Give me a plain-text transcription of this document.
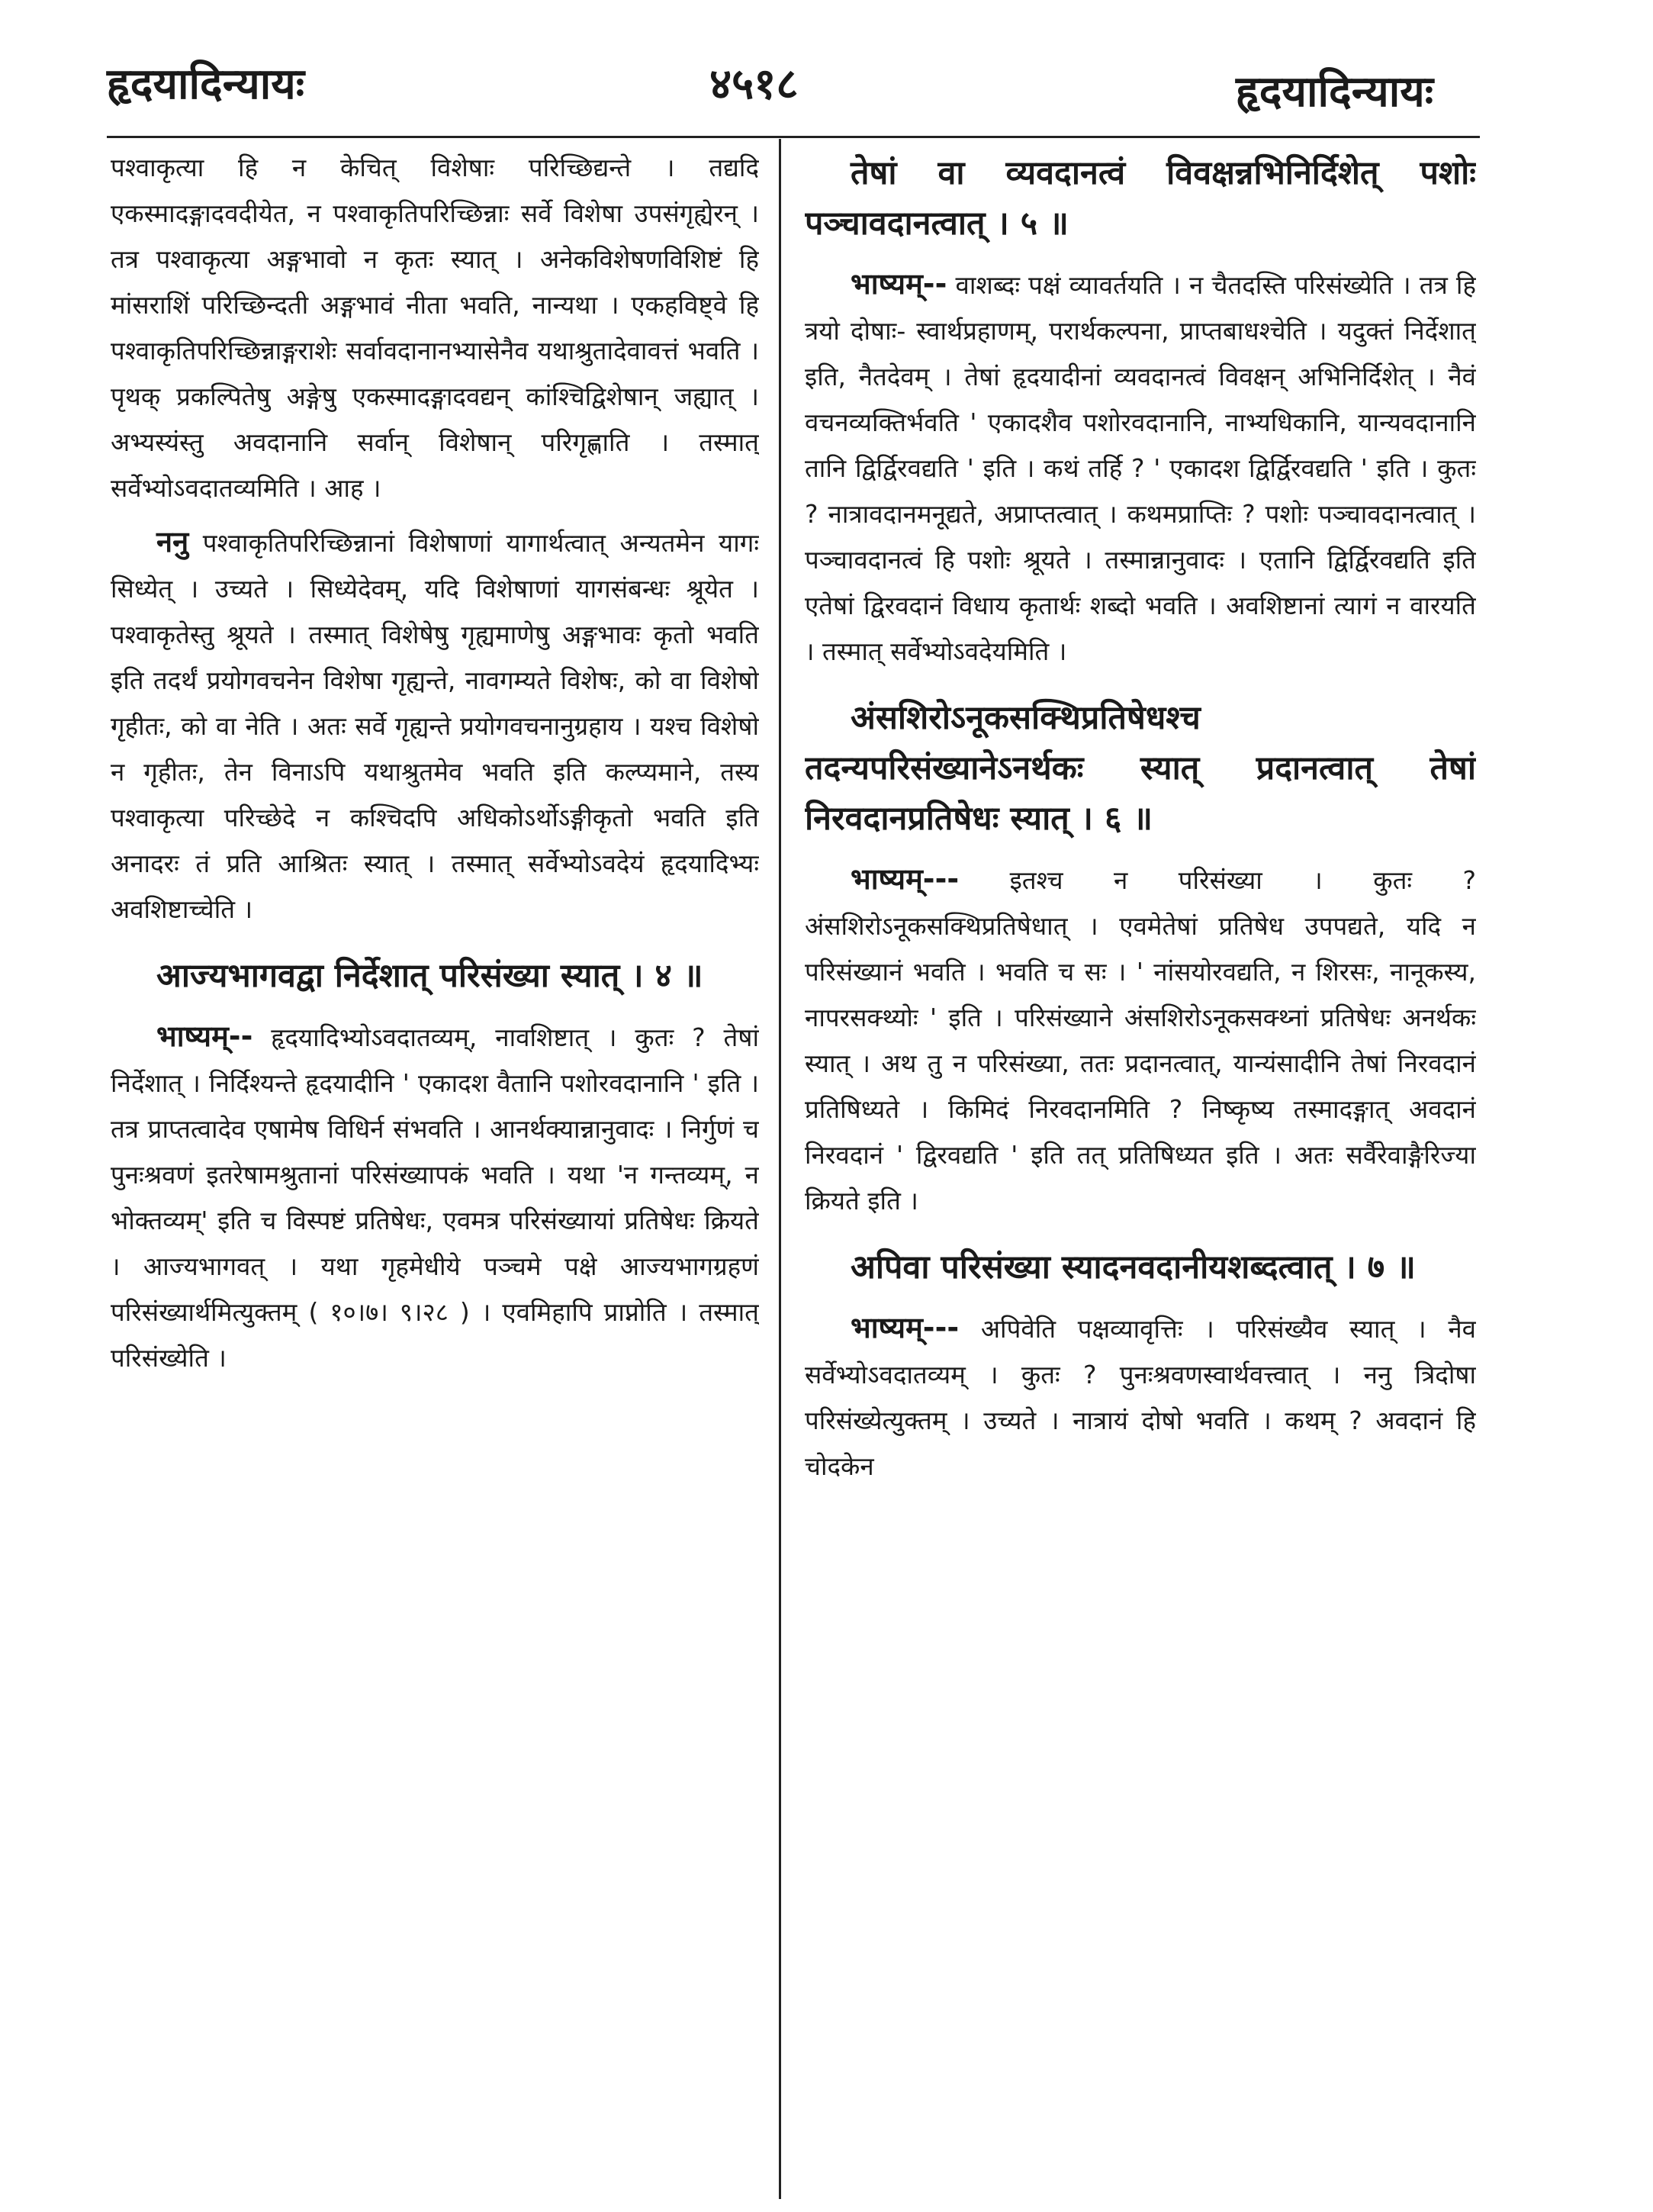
हृदयादिन्यायः	४५१८	हृदयादिन्यायः

पश्वाकृत्या हि न केचित् विशेषाः परिच्छिद्यन्ते । तद्यदि एकस्मादङ्गादवदीयेत, न पश्वाकृतिपरिच्छिन्नाः सर्वे विशेषा उपसंगृह्येरन् । तत्र पश्वाकृत्या अङ्गभावो न कृतः स्यात् । अनेकविशेषणविशिष्टं हि मांसराशिं परिच्छिन्दती अङ्गभावं नीता भवति, नान्यथा । एकहविष्ट्वे हि पश्वाकृतिपरिच्छिन्नाङ्गराशेः सर्वावदानानभ्यासेनैव यथाश्रुतादेवावत्तं भवति । पृथक् प्रकल्पितेषु अङ्गेषु एकस्मादङ्गादवद्यन् कांश्चिद्विशेषान् जह्यात् । अभ्यस्यंस्तु अवदानानि सर्वान् विशेषान् परिगृह्णाति । तस्मात् सर्वेभ्योऽवदातव्यमिति । आह ।

ननु पश्वाकृतिपरिच्छिन्नानां विशेषाणां यागार्थत्वात् अन्यतमेन यागः सिध्येत् । उच्यते । सिध्येदेवम्, यदि विशेषाणां यागसंबन्धः श्रूयेत । पश्वाकृतेस्तु श्रूयते । तस्मात् विशेषेषु गृह्यमाणेषु अङ्गभावः कृतो भवति इति तदर्थं प्रयोगवचनेन विशेषा गृह्यन्ते, नावगम्यते विशेषः, को वा विशेषो गृहीतः, को वा नेति । अतः सर्वे गृह्यन्ते प्रयोगवचनानुग्रहाय । यश्च विशेषो न गृहीतः, तेन विनाऽपि यथाश्रुतमेव भवति इति कल्प्यमाने, तस्य पश्वाकृत्या परिच्छेदे न कश्चिदपि अधिकोऽर्थोऽङ्गीकृतो भवति इति अनादरः तं प्रति आश्रितः स्यात् । तस्मात् सर्वेभ्योऽवदेयं हृदयादिभ्यः अवशिष्टाच्चेति ।

आज्यभागवद्वा निर्देशात् परिसंख्या स्यात् । ४ ॥

भाष्यम्-- हृदयादिभ्योऽवदातव्यम्, नावशिष्टात् । कुतः ? तेषां निर्देशात् । निर्दिश्यन्ते हृदयादीनि ' एकादश वैतानि पशोरवदानानि ' इति । तत्र प्राप्तत्वादेव एषामेष विधिर्न संभवति । आनर्थक्यान्नानुवादः । निर्गुणं च पुनःश्रवणं इतरेषामश्रुतानां परिसंख्यापकं भवति । यथा 'न गन्तव्यम्, न भोक्तव्यम्' इति च विस्पष्टं प्रतिषेधः, एवमत्र परिसंख्यायां प्रतिषेधः क्रियते । आज्यभागवत् । यथा गृहमेधीये पञ्चमे पक्षे आज्यभागग्रहणं परिसंख्यार्थमित्युक्तम् ( १०।७। ९।२८ ) । एवमिहापि प्राप्नोति । तस्मात् परिसंख्येति ।

तेषां वा व्यवदानत्वं विवक्षन्नभिनिर्दिशेत् पशोः पञ्चावदानत्वात् । ५ ॥

भाष्यम्-- वाशब्दः पक्षं व्यावर्तयति । न चैतदस्ति परिसंख्येति । तत्र हि त्रयो दोषाः- स्वार्थप्रहाणम्, परार्थकल्पना, प्राप्तबाधश्चेति । यदुक्तं निर्देशात् इति, नैतदेवम् । तेषां हृदयादीनां व्यवदानत्वं विवक्षन् अभिनिर्दिशेत् । नैवं वचनव्यक्तिर्भवति ' एकादशैव पशोरवदानानि, नाभ्यधिकानि, यान्यवदानानि तानि द्विर्द्विरवद्यति ' इति । कथं तर्हि ? ' एकादश द्विर्द्विरवद्यति ' इति । कुतः ? नात्रावदानमनूद्यते, अप्राप्तत्वात् । कथमप्राप्तिः ? पशोः पञ्चावदानत्वात् । पञ्चावदानत्वं हि पशोः श्रूयते । तस्मान्नानुवादः । एतानि द्विर्द्विरवद्यति इति एतेषां द्विरवदानं विधाय कृतार्थः शब्दो भवति । अवशिष्टानां त्यागं न वारयति । तस्मात् सर्वेभ्योऽवदेयमिति ।

अंसशिरोऽनूकसक्थिप्रतिषेधश्च तदन्यपरिसंख्यानेऽनर्थकः स्यात् प्रदानत्वात् तेषां निरवदानप्रतिषेधः स्यात् । ६ ॥

भाष्यम्--- इतश्च न परिसंख्या । कुतः ? अंसशिरोऽनूकसक्थिप्रतिषेधात् । एवमेतेषां प्रतिषेध उपपद्यते, यदि न परिसंख्यानं भवति । भवति च सः । ' नांसयोरवद्यति, न शिरसः, नानूकस्य, नापरसक्थ्योः ' इति । परिसंख्याने अंसशिरोऽनूकसक्थ्नां प्रतिषेधः अनर्थकः स्यात् । अथ तु न परिसंख्या, ततः प्रदानत्वात्, यान्यंसादीनि तेषां निरवदानं प्रतिषिध्यते । किमिदं निरवदानमिति ? निष्कृष्य तस्मादङ्गात् अवदानं निरवदानं ' द्विरवद्यति ' इति तत् प्रतिषिध्यत इति । अतः सर्वैरेवाङ्गैरिज्या क्रियते इति ।

अपिवा परिसंख्या स्यादनवदानीयशब्दत्वात् । ७ ॥

भाष्यम्--- अपिवेति पक्षव्यावृत्तिः । परिसंख्यैव स्यात् । नैव सर्वेभ्योऽवदातव्यम् । कुतः ? पुनःश्रवणस्वार्थवत्त्वात् । ननु त्रिदोषा परिसंख्येत्युक्तम् । उच्यते । नात्रायं दोषो भवति । कथम् ? अवदानं हि चोदकेन
